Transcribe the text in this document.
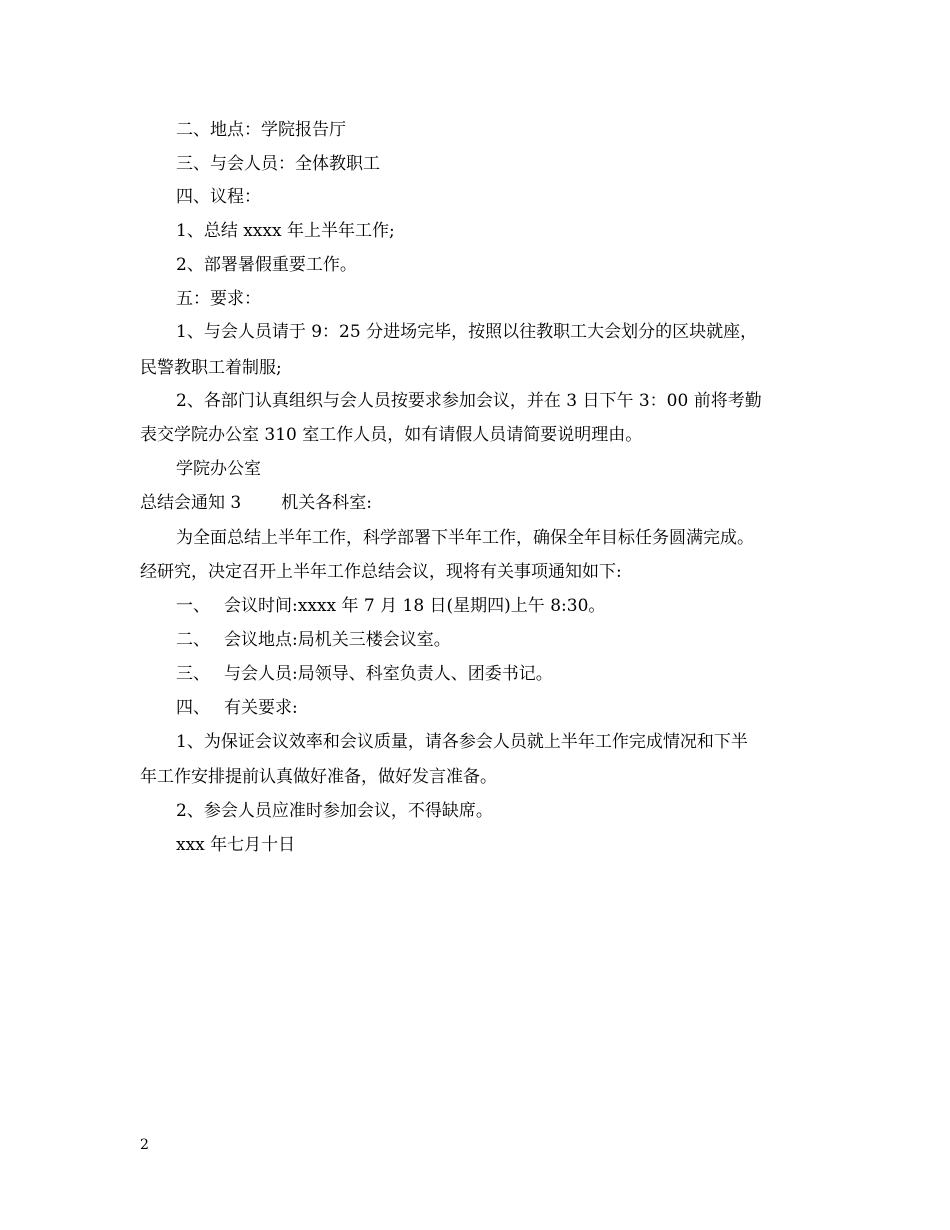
二、地点：学院报告厅
三、与会人员：全体教职工
四、议程：
1、总结 xxxx 年上半年工作;
2、部署暑假重要工作。
五：要求：
1、与会人员请于 9：25 分进场完毕，按照以往教职工大会划分的区块就座，
民警教职工着制服;
2、各部门认真组织与会人员按要求参加会议，并在 3 日下午 3：00 前将考勤
表交学院办公室 310 室工作人员，如有请假人员请简要说明理由。
学院办公室
总结会通知 3 机关各科室:
为全面总结上半年工作，科学部署下半年工作，确保全年目标任务圆满完成。
经研究，决定召开上半年工作总结会议，现将有关事项通知如下:
一、 会议时间:xxxx 年 7 月 18 日(星期四)上午 8:30。
二、 会议地点:局机关三楼会议室。
三、 与会人员:局领导、科室负责人、团委书记。
四、 有关要求:
1、为保证会议效率和会议质量，请各参会人员就上半年工作完成情况和下半
年工作安排提前认真做好准备，做好发言准备。
2、参会人员应准时参加会议，不得缺席。
xxx 年七月十日
2
